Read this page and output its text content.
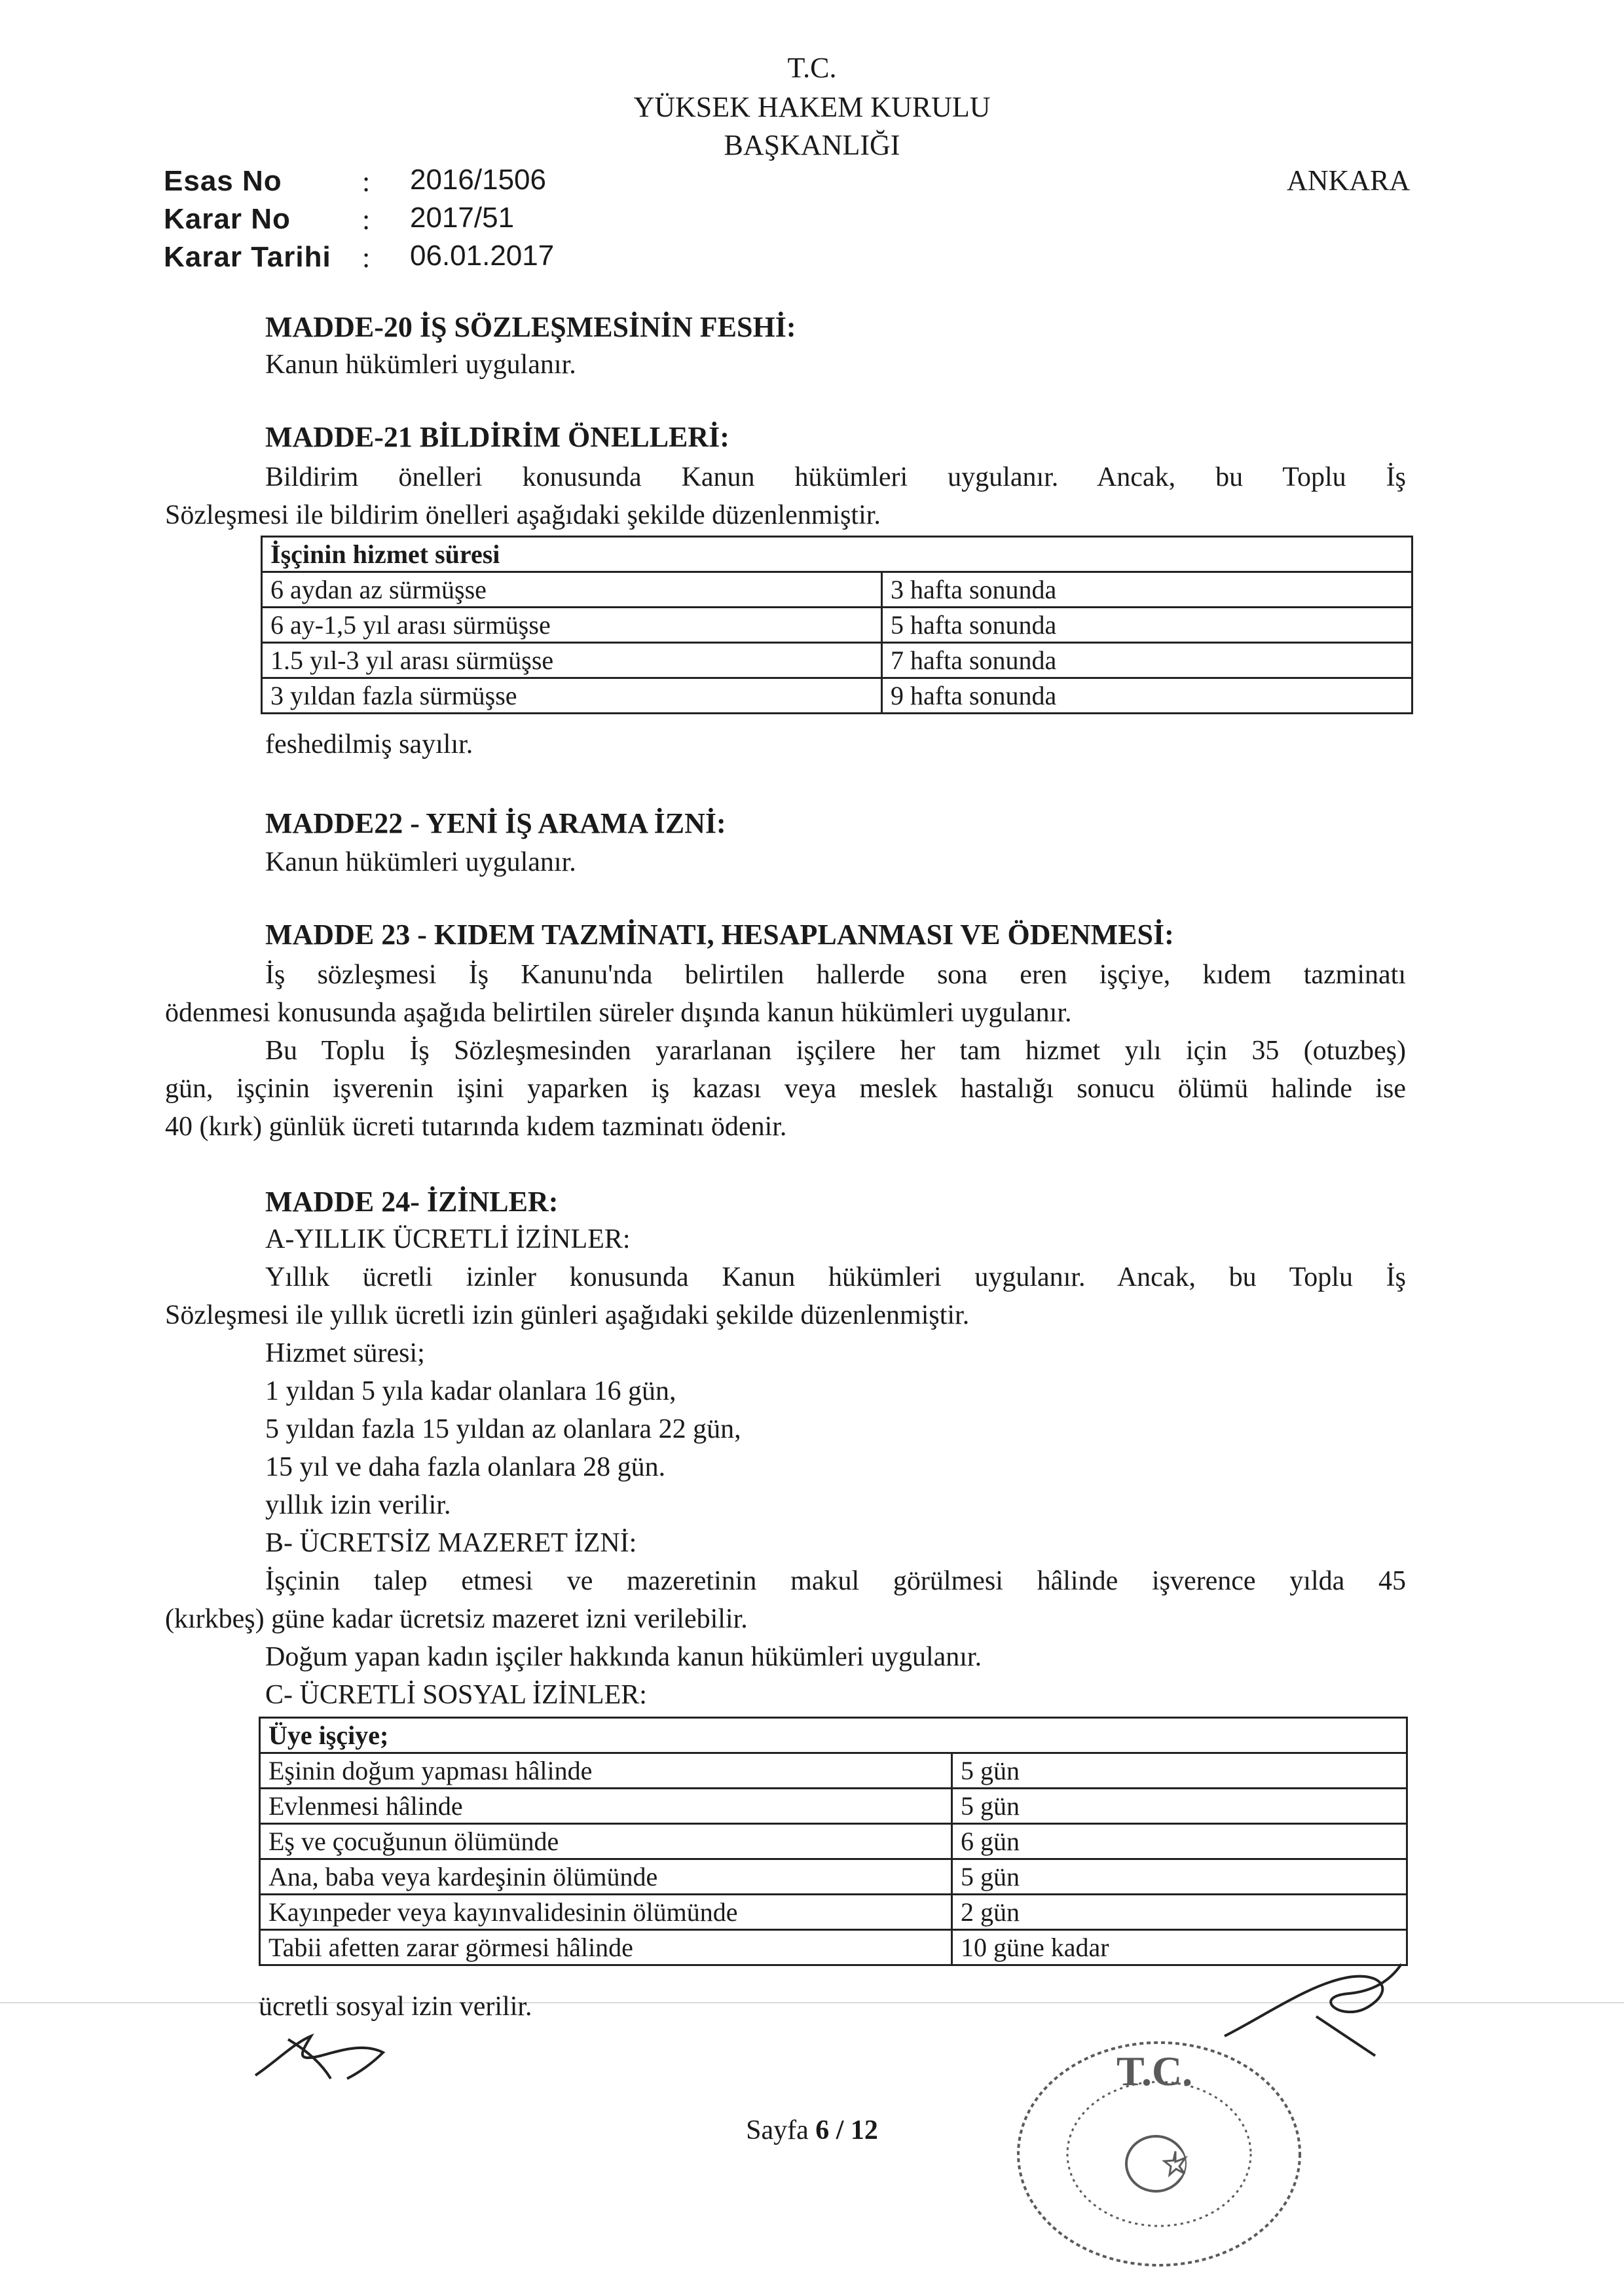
T.C.
YÜKSEK HAKEM KURULU
BAŞKANLIĞI
ANKARA
Esas No	: 2016/1506
Karar No : 2017/51
Karar Tarihi : 06.01.2017
MADDE-20 İŞ SÖZLEŞMESİNİN FESHİ:
Kanun hükümleri uygulanır.
MADDE-21 BİLDİRİM ÖNELLERİ:
Bildirim önelleri konusunda Kanun hükümleri uygulanır. Ancak, bu Toplu İş
Sözleşmesi ile bildirim önelleri aşağıdaki şekilde düzenlenmiştir.
İşçinin hizmet süresi	
6 aydan az sürmüşse	3 hafta sonunda
6 ay-1,5 yıl arası sürmüşse	5 hafta sonunda
1.5 yıl-3 yıl arası sürmüşse	7 hafta sonunda
3 yıldan fazla sürmüşse	9 hafta sonunda
feshedilmiş sayılır.
MADDE22 - YENİ İŞ ARAMA İZNİ:
Kanun hükümleri uygulanır.
MADDE 23 - KIDEM TAZMİNATI, HESAPLANMASI VE ÖDENMESİ:
İş sözleşmesi İş Kanunu'nda belirtilen hallerde sona eren işçiye, kıdem tazminatı
ödenmesi konusunda aşağıda belirtilen süreler dışında kanun hükümleri uygulanır.
Bu Toplu İş Sözleşmesinden yararlanan işçilere her tam hizmet yılı için 35 (otuzbeş)
gün, işçinin işverenin işini yaparken iş kazası veya meslek hastalığı sonucu ölümü halinde ise
40 (kırk) günlük ücreti tutarında kıdem tazminatı ödenir.
MADDE 24- İZİNLER:
A-YILLIK ÜCRETLİ İZİNLER:
Yıllık ücretli izinler konusunda Kanun hükümleri uygulanır. Ancak, bu Toplu İş
Sözleşmesi ile yıllık ücretli izin günleri aşağıdaki şekilde düzenlenmiştir.
Hizmet süresi;
1 yıldan 5 yıla kadar olanlara 16 gün,
5 yıldan fazla 15 yıldan az olanlara 22 gün,
15 yıl ve daha fazla olanlara 28 gün.
yıllık izin verilir.
B- ÜCRETSİZ MAZERET İZNİ:
İşçinin talep etmesi ve mazeretinin makul görülmesi hâlinde işverence yılda 45
(kırkbeş) güne kadar ücretsiz mazeret izni verilebilir.
Doğum yapan kadın işçiler hakkında kanun hükümleri uygulanır.
C- ÜCRETLİ SOSYAL İZİNLER:
Üye işçiye;	
Eşinin doğum yapması hâlinde	5 gün
Evlenmesi hâlinde	5 gün
Eş ve çocuğunun ölümünde	6 gün
Ana, baba veya kardeşinin ölümünde	5 gün
Kayınpeder veya kayınvalidesinin ölümünde	2 gün
Tabii afetten zarar görmesi hâlinde	10 güne kadar
ücretli sosyal izin verilir.
T.C.
Sayfa 6 / 12
